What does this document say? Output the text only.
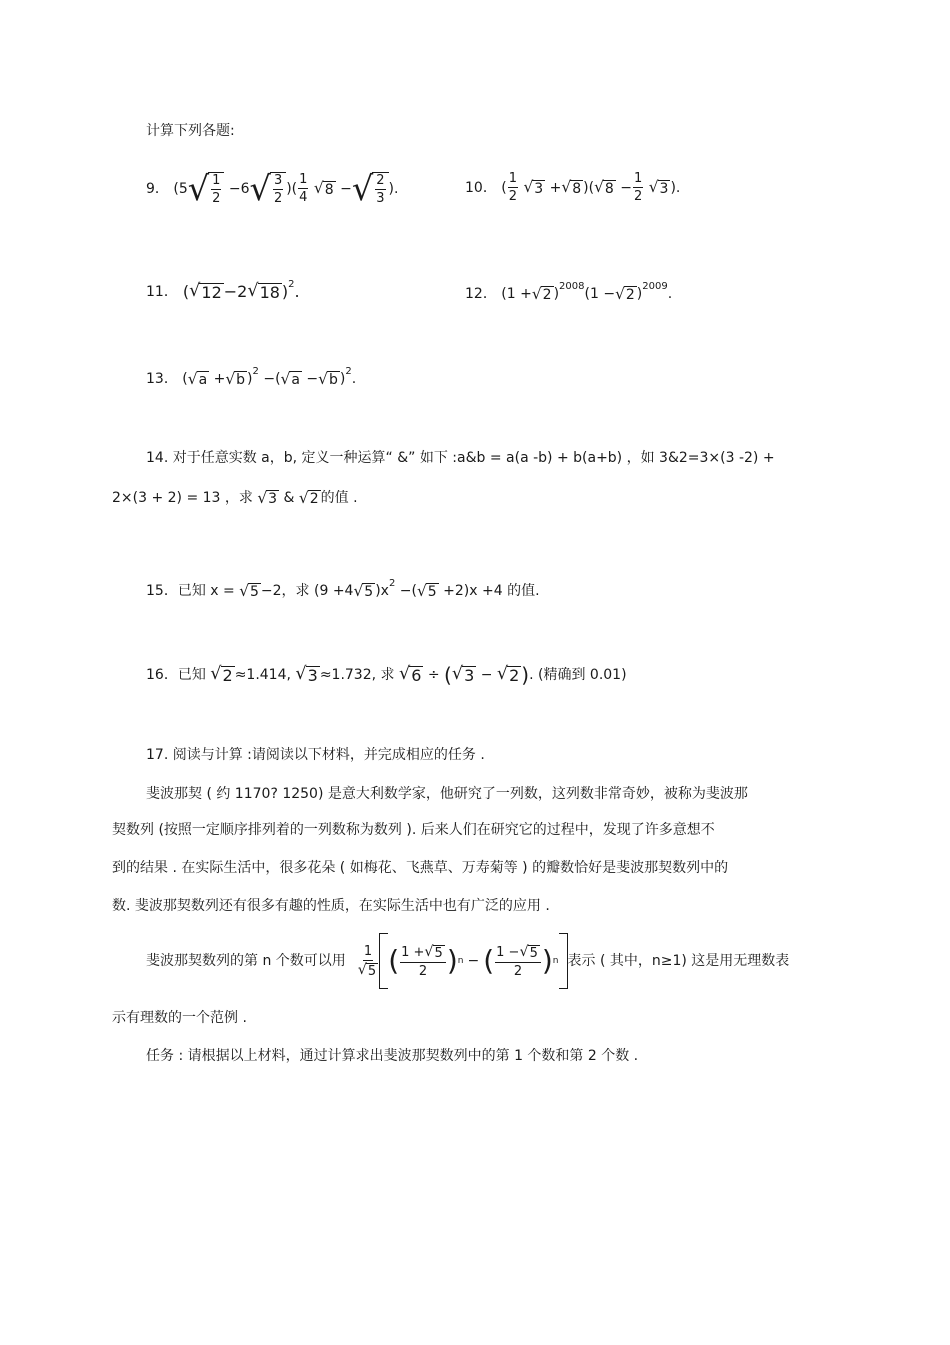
计算下列各题:
9． (5 √ $\frac{1}{2} -6$ √ $\frac{3}{2}$ )( $\frac{1}{4}$
√ 8 − √ $\frac{2}{3}$ ).	10． ( $\frac{1}{2}$
√ 3 + √ 8 )( √ $8 - \frac{1}{2}$
√ 3 ).
11． ( √ 12 −2 √ 18 )$^2$.	12． (1 + √ 2 )$^{2008}$(1 − √ 2 )$^{2009}$.
13． ( √ a + √ b )$^2$ −( √ a − √ b )$^2$.
14. 对于任意实数 a，b, 定义一种运算“ &” 如下 :a&b = a(a -b) + b(a+b) ，如 3&2=3×(3 -2) +
2×(3 + 2) = 13 ，求 √ 3 & √ 2 的值 .
15．已知 x = √ 5 −2，求 (9 +4 √ 5 )$x^2$ −( √ 5 +2)x +4 的值.
16．已知 √ 2 ≈1.414, √ 3 ≈1.732, 求 √ 6 ÷ ( √ 3 − √ 2 ). (精确到 0.01)
17. 阅读与计算 :请阅读以下材料，并完成相应的任务 .
斐波那契 ( 约 1170? 1250) 是意大利数学家，他研究了一列数，这列数非常奇妙，被称为斐波那
契数列 (按照一定顺序排列着的一列数称为数列 ). 后来人们在研究它的过程中，发现了许多意想不
到的结果 . 在实际生活中，很多花朵 ( 如梅花、飞燕草、万寿菊等 ) 的瓣数恰好是斐波那契数列中的
数. 斐波那契数列还有很多有趣的性质，在实际生活中也有广泛的应用 .
斐波那契数列的第 n 个数可以用 $\frac{1}{√ 5}$ ( $\frac{1 + √ 5}{2}$ ) n − ( $\frac{1 - √ 5}{2}$ ) n 表示 ( 其中，n≥1) 这是用无理数表
示有理数的一个范例 .
任务 : 请根据以上材料，通过计算求出斐波那契数列中的第 1 个数和第 2 个数 .
